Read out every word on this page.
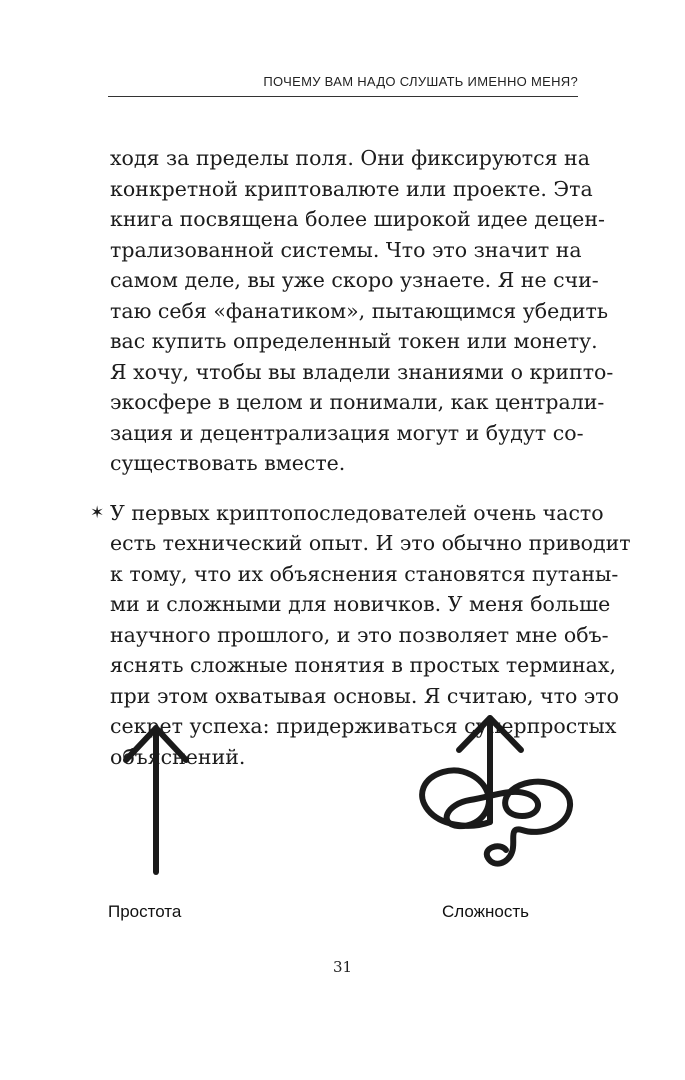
ПОЧЕМУ ВАМ НАДО СЛУШАТЬ ИМЕННО МЕНЯ?

ходя за пределы поля. Они фиксируются на
конкретной криптовалюте или проекте. Эта
книга посвящена более широкой идее децен-
трализованной системы. Что это значит на
самом деле, вы уже скоро узнаете. Я не счи-
таю себя «фанатиком», пытающимся убедить
вас купить определенный токен или монету.
Я хочу, чтобы вы владели знаниями о крипто-
экосфере в целом и понимали, как централи-
зация и децентрализация могут и будут со-
существовать вместе.

✶ У первых криптопоследователей очень часто
есть технический опыт. И это обычно приводит
к тому, что их объяснения становятся путаны-
ми и сложными для новичков. У меня больше
научного прошлого, и это позволяет мне объ-
яснять сложные понятия в простых терминах,
при этом охватывая основы. Я считаю, что это
секрет успеха: придерживаться суперпростых
объяснений.

Простота	Сложность
31
